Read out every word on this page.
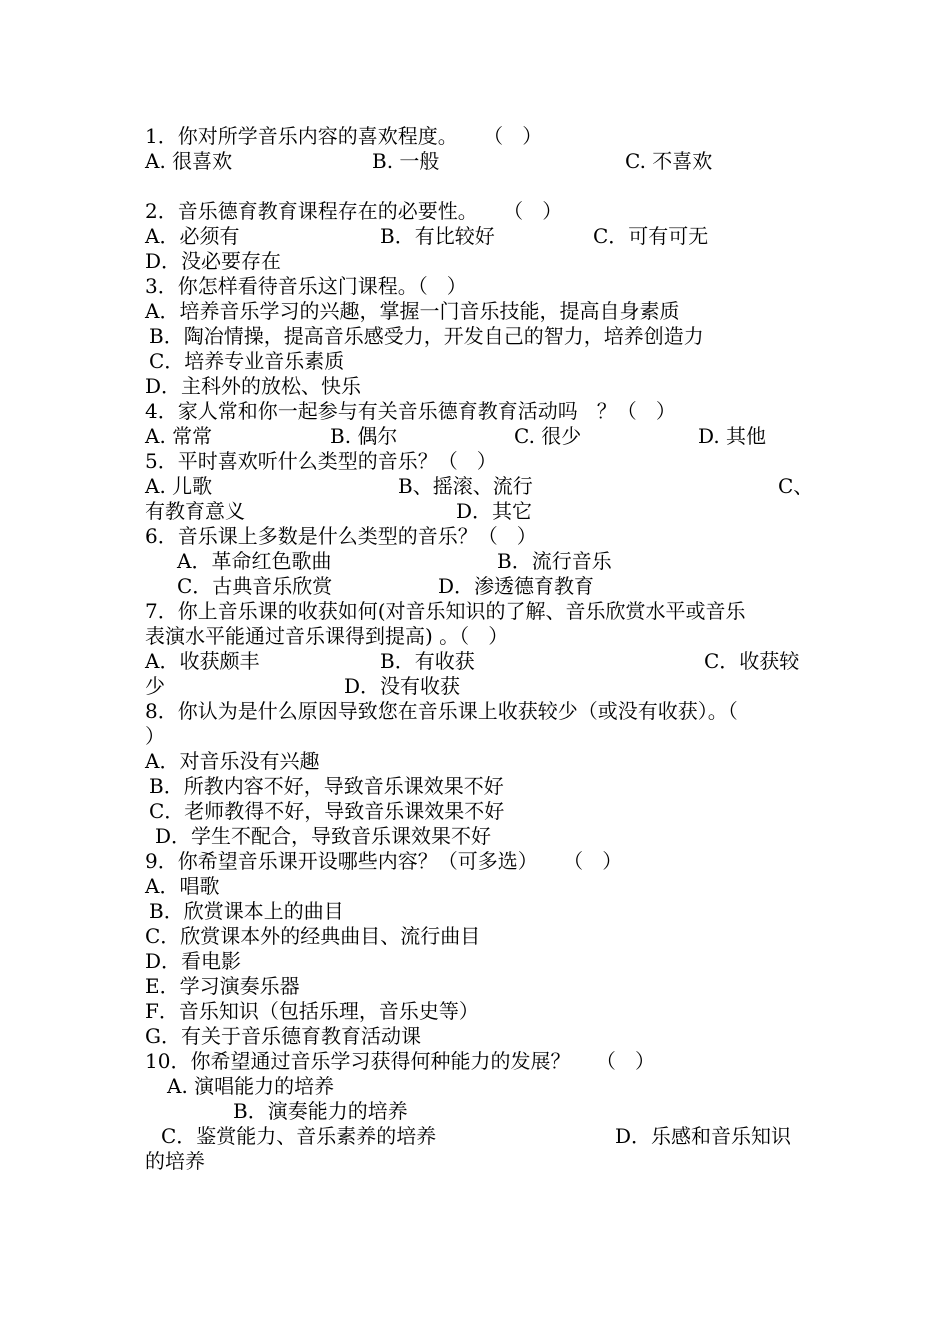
1．你对所学音乐内容的喜欢程度。    （   ）
A. 很喜欢	B. 一般	C. 不喜欢
2．音乐德育教育课程存在的必要性。    （   ）
A．必须有	B．有比较好	C．可有可无
D．没必要存在
3．你怎样看待音乐这门课程。（   ）
A．培养音乐学习的兴趣，掌握一门音乐技能，提高自身素质
B．陶冶情操，提高音乐感受力，开发自己的智力，培养创造力
C．培养专业音乐素质
D．主科外的放松、快乐
4．家人常和你一起参与有关音乐德育教育活动吗   ？（   ）
A. 常常	B. 偶尔	C. 很少	D. 其他
5．平时喜欢听什么类型的音乐？（   ）
A. 儿歌	B、摇滚、流行	C、
有教育意义	D．其它
6．音乐课上多数是什么类型的音乐？（   ）
A．革命红色歌曲	B．流行音乐
C．古典音乐欣赏	D．渗透德育教育
7．你上音乐课的收获如何(对音乐知识的了解、音乐欣赏水平或音乐
表演水平能通过音乐课得到提高) 。（   ）
A．收获颇丰	B．有收获	C．收获较
少	D．没有收获
8．你认为是什么原因导致您在音乐课上收获较少（或没有收获）。（
）
A．对音乐没有兴趣
B．所教内容不好，导致音乐课效果不好
C．老师教得不好，导致音乐课效果不好
D．学生不配合，导致音乐课效果不好
9．你希望音乐课开设哪些内容？（可多选）    （   ）
A．唱歌
B．欣赏课本上的曲目
C．欣赏课本外的经典曲目、流行曲目
D．看电影
E．学习演奏乐器
F．音乐知识（包括乐理，音乐史等）
G．有关于音乐德育教育活动课
10．你希望通过音乐学习获得何种能力的发展？    （   ）
A. 演唱能力的培养
B．演奏能力的培养
C．鉴赏能力、音乐素养的培养	D．乐感和音乐知识
的培养
